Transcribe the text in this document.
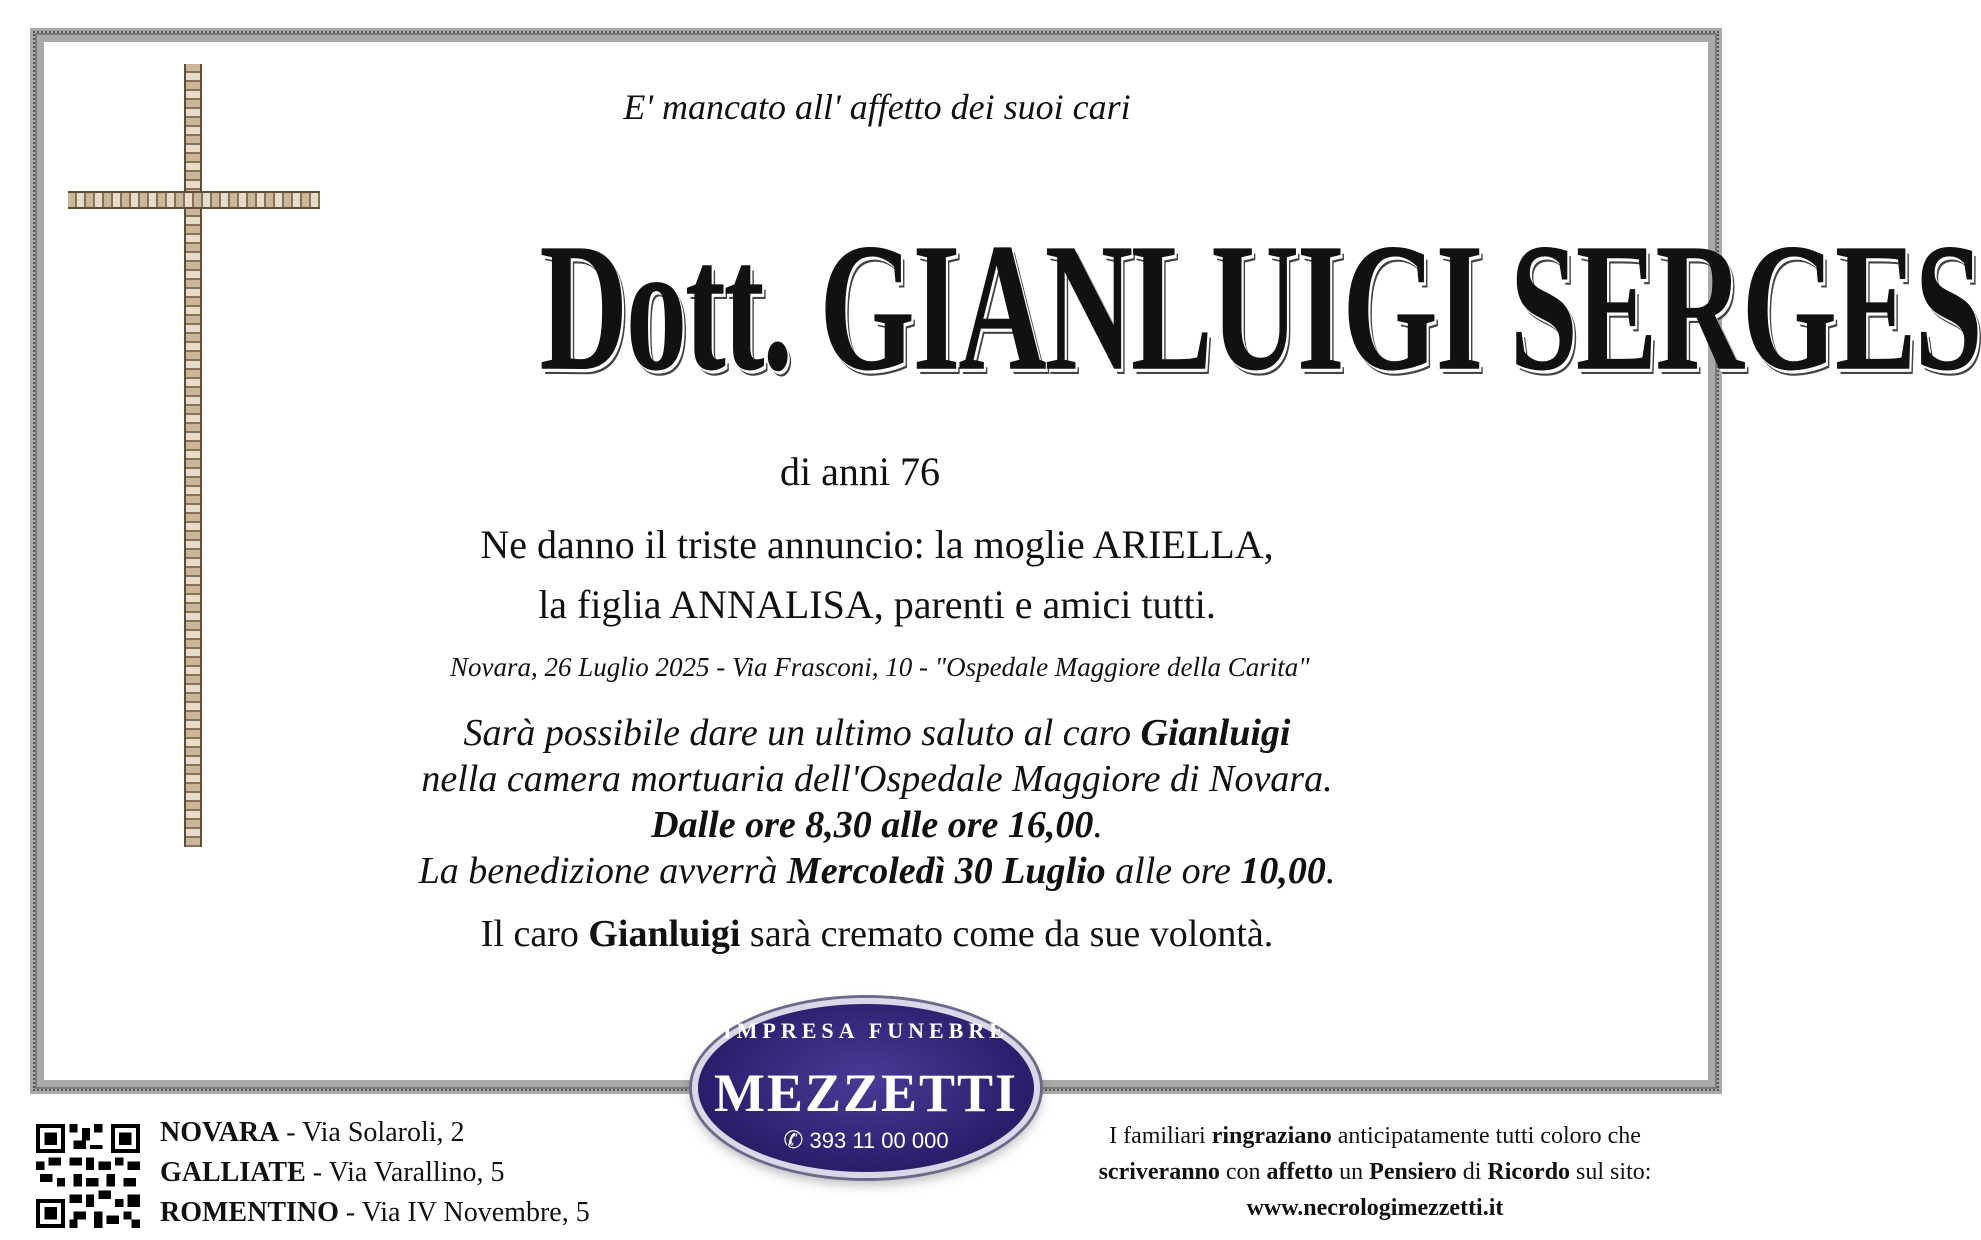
E' mancato all' affetto dei suoi cari
Dott. GIANLUIGI SERGES
di anni 76
Ne danno il triste annuncio: la moglie ARIELLA,
la figlia ANNALISA, parenti e amici tutti.
Novara, 26 Luglio 2025 - Via Frasconi, 10 - "Ospedale Maggiore della Carita"
Sarà possibile dare un ultimo saluto al caro Gianluigi
nella camera mortuaria dell'Ospedale Maggiore di Novara.
Dalle ore 8,30 alle ore 16,00.
La benedizione avverrà Mercoledì 30 Luglio alle ore 10,00.
Il caro Gianluigi sarà cremato come da sue volontà.
NOVARA - Via Solaroli, 2
GALLIATE - Via Varallino, 5
ROMENTINO - Via IV Novembre, 5
IMPRESA FUNEBRE
MEZZETTI
✆ 393 11 00 000	I familiari ringraziano anticipatamente tutti coloro che
scriveranno con affetto un Pensiero di Ricordo sul sito:
www.necrologimezzetti.it
